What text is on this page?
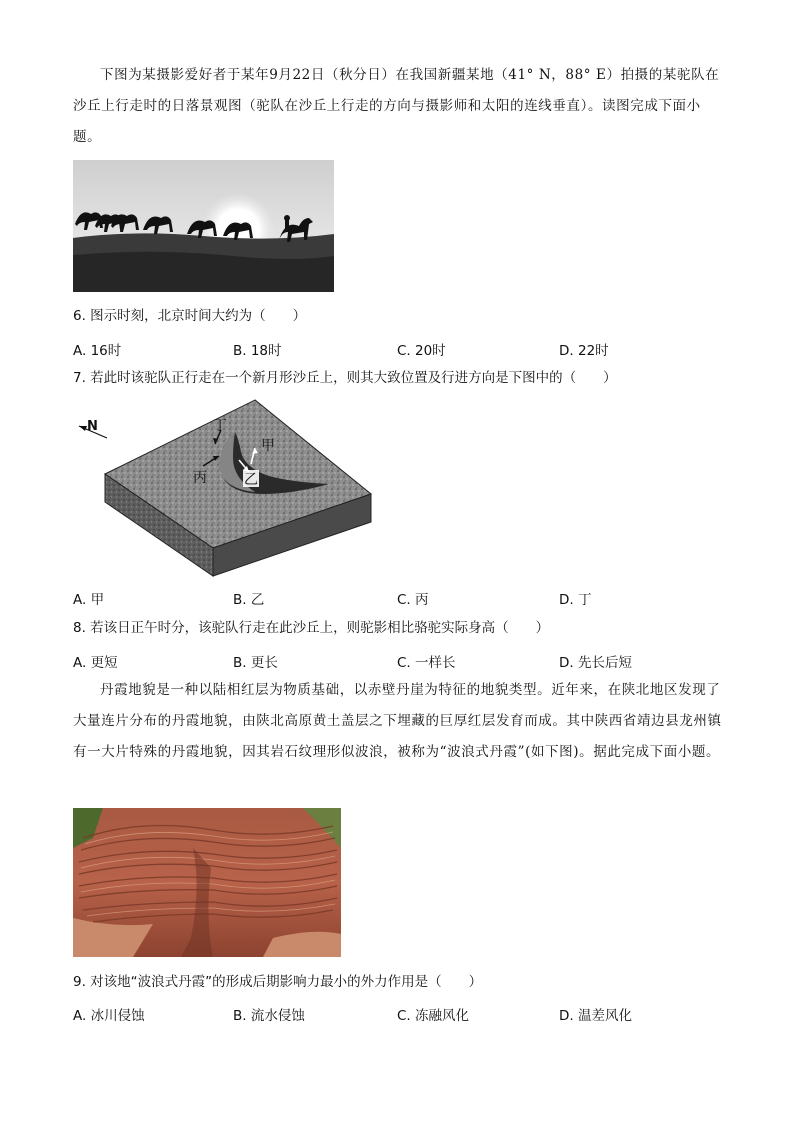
下图为某摄影爱好者于某年9月22日（秋分日）在我国新疆某地（41° N，88° E）拍摄的某驼队在沙丘上行走时的日落景观图（驼队在沙丘上行走的方向与摄影师和太阳的连线垂直）。读图完成下面小题。

6. 图示时刻，北京时间大约为（　　）
A. 16时	B. 18时	C. 20时	D. 22时
7. 若此时该驼队正行走在一个新月形沙丘上，则其大致位置及行进方向是下图中的（　　）
N	丁
甲
丙	乙
A. 甲	B. 乙	C. 丙	D. 丁
8. 若该日正午时分，该驼队行走在此沙丘上，则驼影相比骆驼实际身高（　　）
A. 更短	B. 更长	C. 一样长	D. 先长后短

丹霞地貌是一种以陆相红层为物质基础，以赤壁丹崖为特征的地貌类型。近年来，在陕北地区发现了大量连片分布的丹霞地貌，由陕北高原黄土盖层之下埋藏的巨厚红层发育而成。其中陕西省靖边县龙州镇有一大片特殊的丹霞地貌，因其岩石纹理形似波浪，被称为“波浪式丹霞”(如下图)。据此完成下面小题。

9. 对该地“波浪式丹霞”的形成后期影响力最小的外力作用是（　　）
A. 冰川侵蚀	B. 流水侵蚀	C. 冻融风化	D. 温差风化
